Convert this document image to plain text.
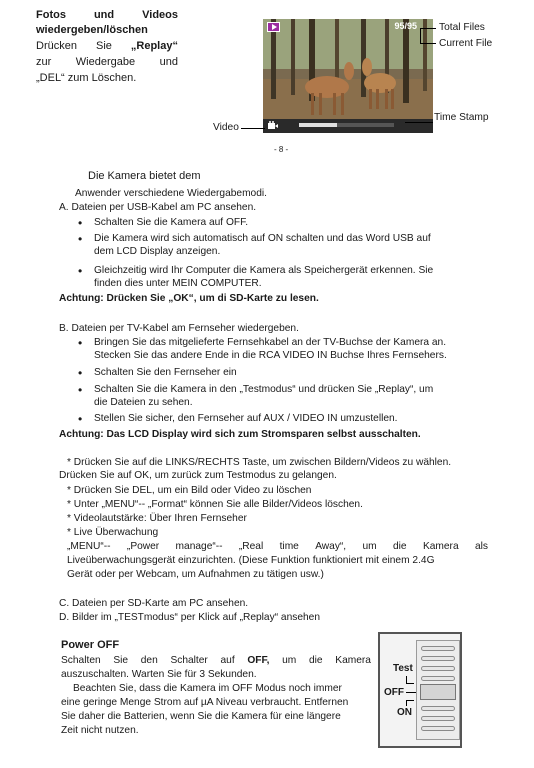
Fotos	und	Videos
wiedergeben/löschen
Drücken Sie „Replay“
zur Wiedergabe und
„DEL“ zum Löschen.
95/95 Total Files
Current File
Time Stamp
Video
- 8 -
Die Kamera bietet dem
Anwender verschiedene Wiedergabemodi.
A. Dateien per USB-Kabel am PC ansehen.
• Schalten Sie die Kamera auf OFF.
• Die Kamera wird sich automatisch auf ON schalten und das Word USB auf
dem LCD Display anzeigen.
• Gleichzeitig wird Ihr Computer die Kamera als Speichergerät erkennen. Sie
finden dies unter MEIN COMPUTER.
Achtung: Drücken Sie „OK“, um di SD-Karte zu lesen.
B. Dateien per TV-Kabel am Fernseher wiedergeben.
• Bringen Sie das mitgelieferte Fernsehkabel an der TV-Buchse der Kamera an.
Stecken Sie das andere Ende in die RCA VIDEO IN Buchse Ihres Fernsehers.
• Schalten Sie den Fernseher ein
• Schalten Sie die Kamera in den „Testmodus“ und drücken Sie „Replay“, um
die Dateien zu sehen.
• Stellen Sie sicher, den Fernseher auf AUX / VIDEO IN umzustellen.
Achtung: Das LCD Display wird sich zum Stromsparen selbst ausschalten.
* Drücken Sie auf die LINKS/RECHTS Taste, um zwischen Bildern/Videos zu wählen.
Drücken Sie auf OK, um zurück zum Testmodus zu gelangen.
* Drücken Sie DEL, um ein Bild oder Video zu löschen
* Unter „MENU“-- „Format“ können Sie alle Bilder/Videos löschen.
* Videolautstärke: Über Ihren Fernseher
* Live Überwachung
„MENU“-- „Power manage“-- „Real time Away“, um die Kamera als
Liveüberwachungsgerät einzurichten. (Diese Funktion funktioniert mit einem 2.4G
Gerät oder per Webcam, um Aufnahmen zu tätigen usw.)
C. Dateien per SD-Karte am PC ansehen.
D. Bilder im „TESTmodus“ per Klick auf „Replay“ ansehen
Power OFF
Schalten Sie den Schalter auf OFF, um die Kamera
auszuschalten. Warten Sie für 3 Sekunden.
Beachten Sie, dass die Kamera im OFF Modus noch immer
eine geringe Menge Strom auf µA Niveau verbraucht. Entfernen
Sie daher die Batterien, wenn Sie die Kamera für eine längere
Zeit nicht nutzen.
Test
OFF
ON
